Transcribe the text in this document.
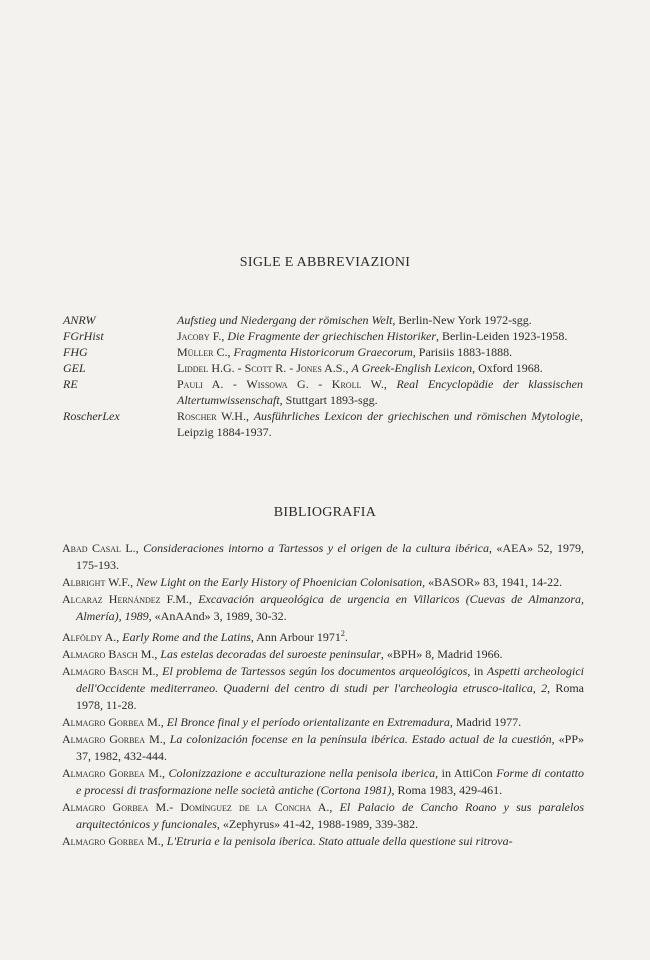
SIGLE E ABBREVIAZIONI
ANRW	Aufstieg und Niedergang der römischen Welt, Berlin-New York 1972-sgg.
FGrHist	Jacoby F., Die Fragmente der griechischen Historiker, Berlin-Leiden 1923-1958.
FHG	Müller C., Fragmenta Historicorum Graecorum, Parisiis 1883-1888.
GEL	Liddel H.G. - Scott R. - Jones A.S., A Greek-English Lexicon, Oxford 1968.
RE	Pauli A. - Wissowa G. - Kroll W., Real Encyclopädie der klassischen Altertumwissenschaft, Stuttgart 1893-sgg.
RoscherLex	Roscher W.H., Ausführliches Lexicon der griechischen und römischen Mytologie, Leipzig 1884-1937.
BIBLIOGRAFIA
Abad Casal L., Consideraciones intorno a Tartessos y el origen de la cultura ibérica, «AEA» 52, 1979, 175-193.
Albright W.F., New Light on the Early History of Phoenician Colonisation, «BASOR» 83, 1941, 14-22.
Alcaraz Hernández F.M., Excavación arqueológica de urgencia en Villaricos (Cuevas de Almanzora, Almería), 1989, «AnAAnd» 3, 1989, 30-32.
Alföldy A., Early Rome and the Latins, Ann Arbour 1971$^2$.
Almagro Basch M., Las estelas decoradas del suroeste peninsular, «BPH» 8, Madrid 1966.
Almagro Basch M., El problema de Tartessos según los documentos arqueológicos, in Aspetti archeologici dell'Occidente mediterraneo. Quaderni del centro di studi per l'archeologia etrusco-italica, 2, Roma 1978, 11-28.
Almagro Gorbea M., El Bronce final y el período orientalizante en Extremadura, Madrid 1977.
Almagro Gorbea M., La colonización focense en la península ibérica. Estado actual de la cuestión, «PP» 37, 1982, 432-444.
Almagro Gorbea M., Colonizzazione e acculturazione nella penisola iberica, in AttiCon Forme di contatto e processi di trasformazione nelle società antiche (Cortona 1981), Roma 1983, 429-461.
Almagro Gorbea M.- Domínguez de la Concha A., El Palacio de Cancho Roano y sus paralelos arquitectónicos y funcionales, «Zephyrus» 41-42, 1988-1989, 339-382.
Almagro Gorbea M., L'Etruria e la penisola iberica. Stato attuale della questione sui ritrova-
